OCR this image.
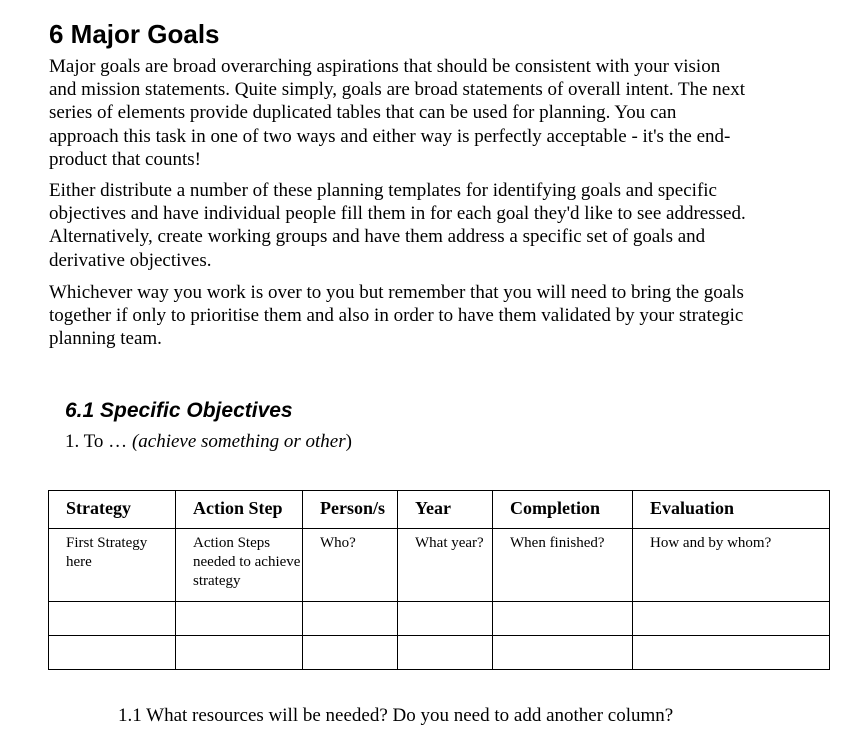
6 Major Goals

Major goals are broad overarching aspirations that should be consistent with your vision and mission statements. Quite simply, goals are broad statements of overall intent. The next series of elements provide duplicated tables that can be used for planning. You can approach this task in one of two ways and either way is perfectly acceptable - it's the end- product that counts!

Either distribute a number of these planning templates for identifying goals and specific objectives and have individual people fill them in for each goal they'd like to see addressed. Alternatively, create working groups and have them address a specific set of goals and derivative objectives.

Whichever way you work is over to you but remember that you will need to bring the goals together if only to prioritise them and also in order to have them validated by your strategic planning team.

6.1 Specific Objectives

1. To … (achieve something or other)

Strategy	Action Step	Person/s	Year	Completion	Evaluation
First Strategy here	Action Steps needed to achieve strategy	Who?	What year?	When finished?	How and by whom?

1.1 What resources will be needed? Do you need to add another column?
